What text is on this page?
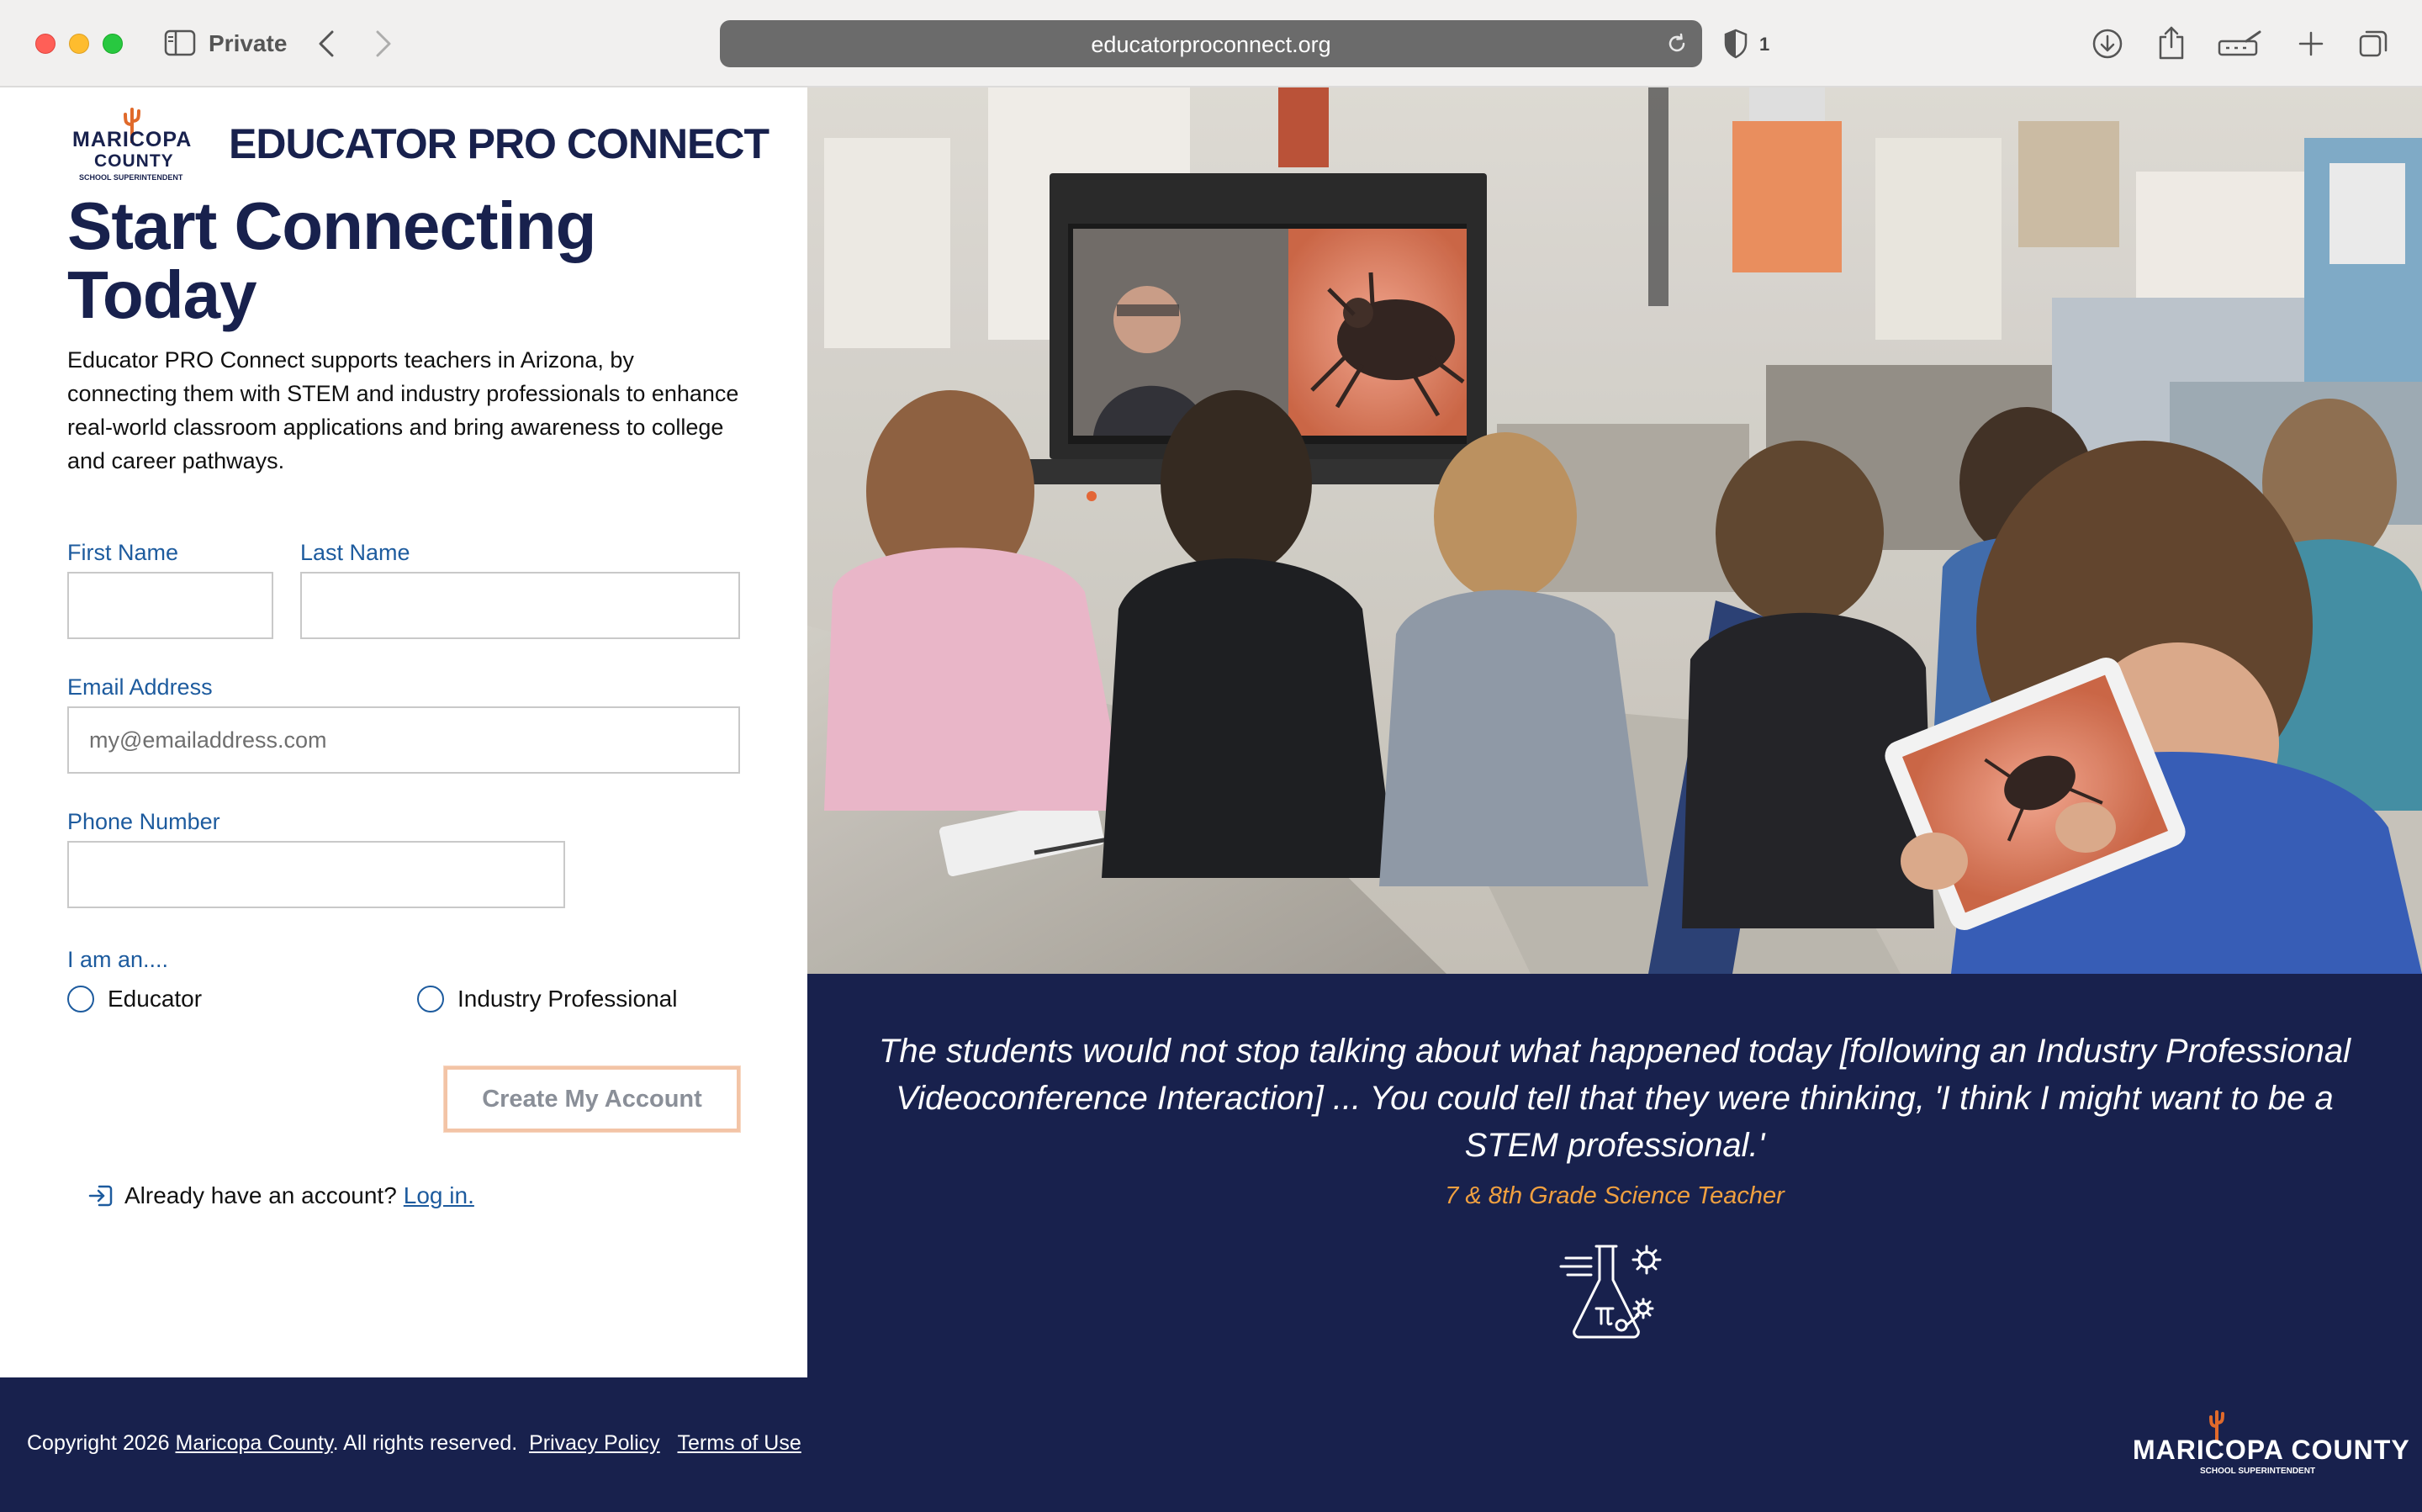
Private	educatorproconnect.org	1
MARICOPA
COUNTY
SCHOOL SUPERINTENDENT
EDUCATOR PRO CONNECT
Start Connecting Today

Educator PRO Connect supports teachers in Arizona, by connecting them with STEM and industry professionals to enhance real-world classroom applications and bring awareness to college and career pathways.

First Name	Last Name
Email Address
my@emailaddress.com
Phone Number
I am an....
Educator	Industry Professional
Create My Account
Already have an account? Log in.

The students would not stop talking about what happened today [following an Industry Professional Videoconference Interaction] ... You could tell that they were thinking, 'I think I might want to be a STEM professional.'

7 & 8th Grade Science Teacher

Copyright 2026 Maricopa County. All rights reserved. Privacy Policy Terms of Use	MARICOPA COUNTY
SCHOOL SUPERINTENDENT
